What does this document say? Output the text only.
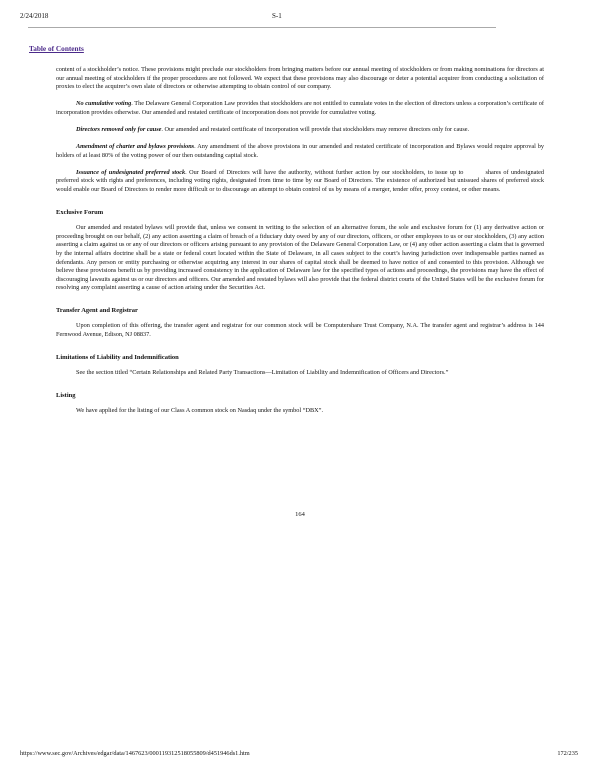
2/24/2018	S-1
Table of Contents

content of a stockholder’s notice. These provisions might preclude our stockholders from bringing matters before our annual meeting of stockholders or from making nominations for directors at our annual meeting of stockholders if the proper procedures are not followed. We expect that these provisions may also discourage or deter a potential acquirer from conducting a solicitation of proxies to elect the acquirer’s own slate of directors or otherwise attempting to obtain control of our company.

No cumulative voting. The Delaware General Corporation Law provides that stockholders are not entitled to cumulate votes in the election of directors unless a corporation’s certificate of incorporation provides otherwise. Our amended and restated certificate of incorporation does not provide for cumulative voting.

Directors removed only for cause. Our amended and restated certificate of incorporation will provide that stockholders may remove directors only for cause.

Amendment of charter and bylaws provisions. Any amendment of the above provisions in our amended and restated certificate of incorporation and Bylaws would require approval by holders of at least 80% of the voting power of our then outstanding capital stock.

Issuance of undesignated preferred stock. Our Board of Directors will have the authority, without further action by our stockholders, to issue up to	shares of undesignated preferred stock with rights and preferences, including voting rights, designated from time to time by our Board of Directors. The existence of authorized but unissued shares of preferred stock would enable our Board of Directors to render more difficult or to discourage an attempt to obtain control of us by means of a merger, tender offer, proxy contest, or other means.

Exclusive Forum

Our amended and restated bylaws will provide that, unless we consent in writing to the selection of an alternative forum, the sole and exclusive forum for (1) any derivative action or proceeding brought on our behalf, (2) any action asserting a claim of breach of a fiduciary duty owed by any of our directors, officers, or other employees to us or our stockholders, (3) any action asserting a claim against us or any of our directors or officers arising pursuant to any provision of the Delaware General Corporation Law, or (4) any other action asserting a claim that is governed by the internal affairs doctrine shall be a state or federal court located within the State of Delaware, in all cases subject to the court’s having jurisdiction over indispensable parties named as defendants. Any person or entity purchasing or otherwise acquiring any interest in our shares of capital stock shall be deemed to have notice of and consented to this provision. Although we believe these provisions benefit us by providing increased consistency in the application of Delaware law for the specified types of actions and proceedings, the provisions may have the effect of discouraging lawsuits against us or our directors and officers. Our amended and restated bylaws will also provide that the federal district courts of the United States will be the exclusive forum for resolving any complaint asserting a cause of action arising under the Securities Act.

Transfer Agent and Registrar

Upon completion of this offering, the transfer agent and registrar for our common stock will be Computershare Trust Company, N.A. The transfer agent and registrar’s address is 144 Fernwood Avenue, Edison, NJ 08837.

Limitations of Liability and Indemnification

See the section titled “Certain Relationships and Related Party Transactions—Limitation of Liability and Indemnification of Officers and Directors.”

Listing

We have applied for the listing of our Class A common stock on Nasdaq under the symbol “DBX”.

164
https://www.sec.gov/Archives/edgar/data/1467623/000119312518055809/d451946ds1.htm	172/235
